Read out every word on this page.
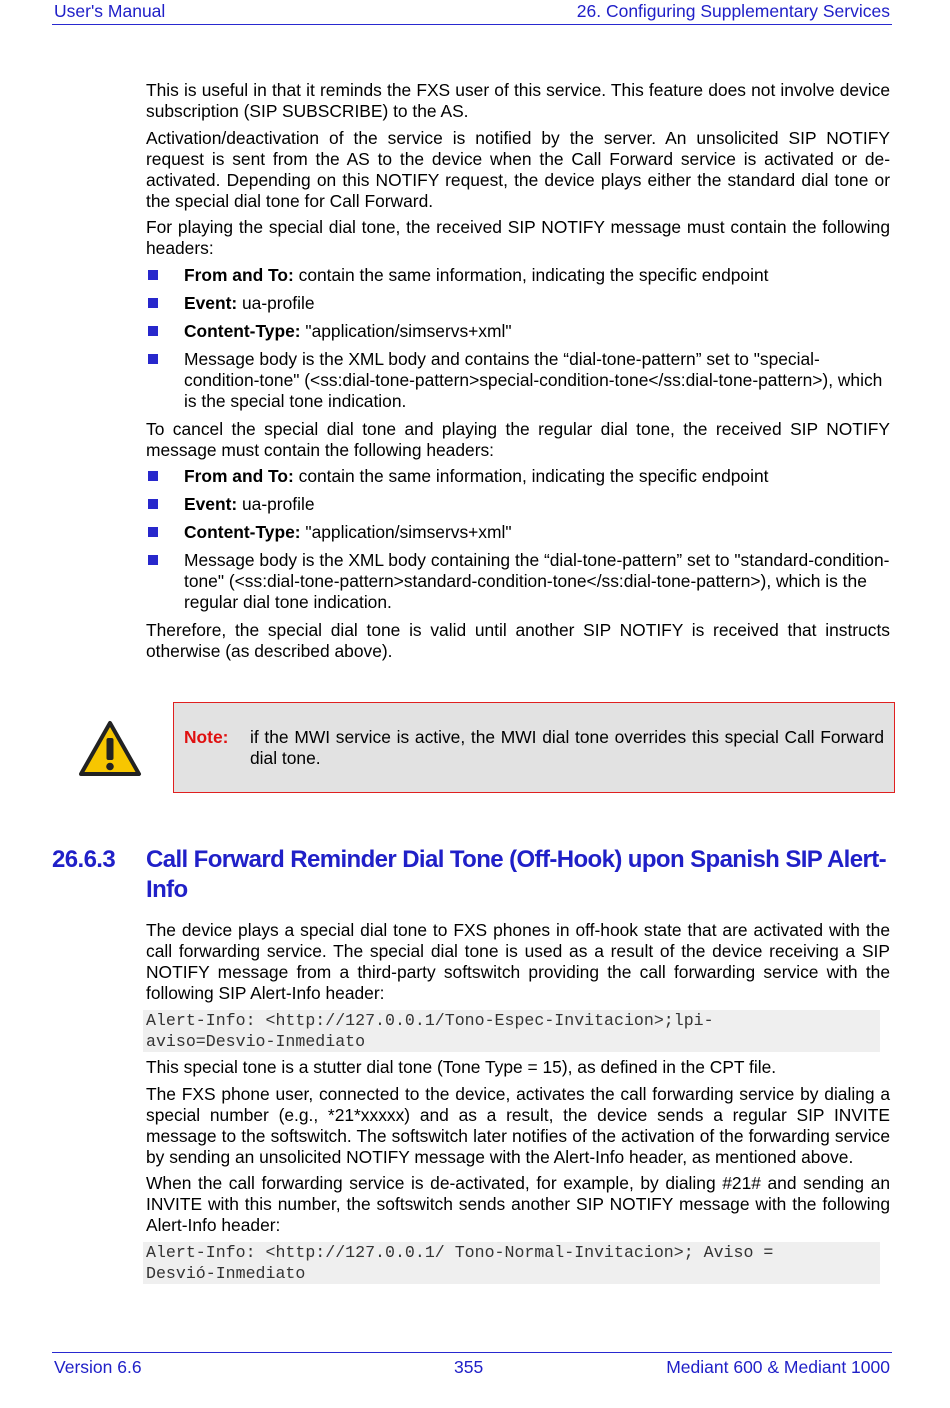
User's Manual	26. Configuring Supplementary Services

This is useful in that it reminds the FXS user of this service. This feature does not involve device subscription (SIP SUBSCRIBE) to the AS.

Activation/deactivation of the service is notified by the server. An unsolicited SIP NOTIFY request is sent from the AS to the device when the Call Forward service is activated or de-activated. Depending on this NOTIFY request, the device plays either the standard dial tone or the special dial tone for Call Forward.

For playing the special dial tone, the received SIP NOTIFY message must contain the following headers:

From and To: contain the same information, indicating the specific endpoint
Event: ua-profile
Content-Type: "application/simservs+xml"
Message body is the XML body and contains the “dial-tone-pattern” set to "special-condition-tone" (<ss:dial-tone-pattern>special-condition-tone</ss:dial-tone-pattern>), which is the special tone indication.

To cancel the special dial tone and playing the regular dial tone, the received SIP NOTIFY message must contain the following headers:

From and To: contain the same information, indicating the specific endpoint
Event: ua-profile
Content-Type: "application/simservs+xml"
Message body is the XML body containing the “dial-tone-pattern” set to "standard-condition-tone" (<ss:dial-tone-pattern>standard-condition-tone</ss:dial-tone-pattern>), which is the regular dial tone indication.

Therefore, the special dial tone is valid until another SIP NOTIFY is received that instructs otherwise (as described above).

Note: if the MWI service is active, the MWI dial tone overrides this special Call Forward dial tone.
26.6.3 Call Forward Reminder Dial Tone (Off-Hook) upon Spanish SIP Alert-Info

The device plays a special dial tone to FXS phones in off-hook state that are activated with the call forwarding service. The special dial tone is used as a result of the device receiving a SIP NOTIFY message from a third-party softswitch providing the call forwarding service with the following SIP Alert-Info header:

Alert-Info: <http://127.0.0.1/Tono-Espec-Invitacion>;lpi-
aviso=Desvio-Inmediato

This special tone is a stutter dial tone (Tone Type = 15), as defined in the CPT file.

The FXS phone user, connected to the device, activates the call forwarding service by dialing a special number (e.g., *21*xxxxx) and as a result, the device sends a regular SIP INVITE message to the softswitch. The softswitch later notifies of the activation of the forwarding service by sending an unsolicited NOTIFY message with the Alert-Info header, as mentioned above.

When the call forwarding service is de-activated, for example, by dialing #21# and sending an INVITE with this number, the softswitch sends another SIP NOTIFY message with the following Alert-Info header:

Alert-Info: <http://127.0.0.1/ Tono-Normal-Invitacion>; Aviso =
Desvió-Inmediato
Version 6.6	355	Mediant 600 & Mediant 1000
